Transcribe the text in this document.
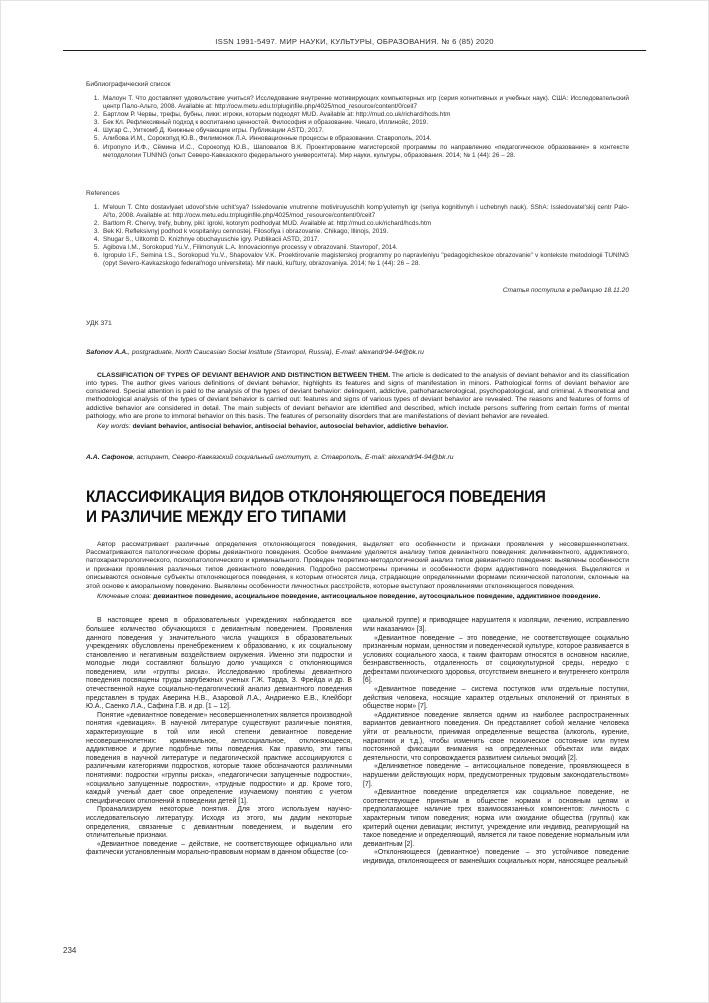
ISSN 1991-5497. МИР НАУКИ, КУЛЬТУРЫ, ОБРАЗОВАНИЯ. № 6 (85) 2020
Библиографический список
1. Малоун Т. Что доставляет удовольствие учиться? Исследование внутренне мотивирующих компьютерных игр (серия когнитивных и учебных наук). США: Исследовательский центр Пало-Альто, 2008. Available at: http://ocw.metu.edu.tr/pluginfile.php/4025/mod_resource/content/0/ceit7
2. Бартлом Р. Червы, трефы, бубны, лики: игроки, которым подходят MUD. Available at: http://mud.co.uk/richard/hcds.htm
3. Бек Кл. Рефлексивный подход к воспитанию ценностей. Философия и образование. Чикаго, Иллинойс, 2019.
4. Шугар С., Уиткомб Д. Книжные обучающие игры. Публикации ASTD, 2017.
5. Алибова И.М., Сорокопуд Ю.В., Филимонюк Л.А. Инновационные процессы в образовании. Ставрополь, 2014.
6. Игропуло И.Ф., Сёмина И.С., Сорокопуд Ю.В., Шаповалов В.К. Проектирование магистерской программы по направлению «педагогическое образование» в контексте методологии TUNING (опыт Северо-Кавказского федерального университета). Мир науки, культуры, образования. 2014; № 1 (44): 26 – 28.
References
1. M'eloun T. Chto dostavlyaet udovol'stvie uchit'sya? Issledovanie vnutrenne motiviruyuschih komp'yuternyh igr (seriya kognitivnyh i uchebnyh nauk). SShA: Issledovatel'skij centr Palo-Al'to, 2008. Available at: http://ocw.metu.edu.tr/pluginfile.php/4025/mod_resource/content/0/ceit7
2. Bartlom R. Chervy, trefy, bubny, piki: igroki, kotorym podhodyat MUD. Available at: http://mud.co.uk/richard/hcds.htm
3. Bek Kl. Refleksivnyj podhod k vospitaniyu cennostej. Filosofiya i obrazovanie. Chikago, Illinojs, 2019.
4. Shugar S., Uitkomb D. Knizhnye obuchayuschie igry. Publikacii ASTD, 2017.
5. Agibova I.M., Sorokopud Yu.V., Filimonyuk L.A. Innovacionnye processy v obrazovanii. Stavropol', 2014.
6. Igropulo I.F., Semina I.S., Sorokopud Yu.V., Shapovalov V.K. Proektirovanie magisterskoj programmy po napravleniyu "pedagogicheskoe obrazovanie" v kontekste metodologii TUNING (opyt Severo-Kavkazskogo federal'nogo universiteta). Mir nauki, kul'tury, obrazovaniya. 2014; № 1 (44): 26 – 28.
Статья поступила в редакцию 18.11.20
УДК 371

Safonov A.A., postgraduate, North Caucasian Social Institute (Stavropol, Russia), E-mail: alexandr94-94@bk.ru

CLASSIFICATION OF TYPES OF DEVIANT BEHAVIOR AND DISTINCTION BETWEEN THEM. The article is dedicated to the analysis of deviant behavior and its classification into types. The author gives various definitions of deviant behavior, highlights its features and signs of manifestation in minors. Pathological forms of deviant behavior are considered. Special attention is paid to the analysis of the types of deviant behavior: delinquent, addictive, pathoharacterological, psychopatological, and criminal. A theoretical and methodological analysis of the types of deviant behavior is carried out: features and signs of various types of deviant behavior are revealed. The reasons and features of forms of addictive behavior are considered in detail. The main subjects of deviant behavior are identified and described, which include persons suffering from certain forms of mental pathology, who are prone to immoral behavior on this basis. The features of personality disorders that are manifestations of deviant behavior are revealed.

Key words: deviant behavior, antisocial behavior, antisocial behavior, autosocial behavior, addictive behavior.

А.А. Сафонов, аспирант, Северо-Кавказский социальный институт, г. Ставрополь, E-mail: alexandr94-94@bk.ru

КЛАССИФИКАЦИЯ ВИДОВ ОТКЛОНЯЮЩЕГОСЯ ПОВЕДЕНИЯ
И РАЗЛИЧИЕ МЕЖДУ ЕГО ТИПАМИ

Автор рассматривает различные определения отклоняющегося поведения, выделяет его особенности и признаки проявления у несовершеннолетних. Рассматриваются патологические формы девиантного поведения. Особое внимание уделяется анализу типов девиантного поведения: делинквентного, аддиктивного, патохарактерологического, психопатологического и криминального. Проведен теоретико-методологический анализ типов девиантного поведения: выявлены особенности и признаки проявления различных типов девиантного поведения. Подробно рассмотрены причины и особенности форм аддиктивного поведения. Выделяются и описываются основные субъекты отклоняющегося поведения, к которым относятся лица, страдающие определенными формами психической патологии, склонные на этой основе к аморальному поведению. Выявлены особенности личностных расстройств, которые выступают проявлениями отклоняющегося поведения.

Ключевые слова: девиантное поведение, асоциальное поведение, антисоциальное поведение, аутосоциальное поведение, аддиктивное поведение.

В настоящее время в образовательных учреждениях наблюдается все большее количество обучающихся с девиантным поведением. Проявления данного поведения у значительного числа учащихся в образовательных учреждениях обусловлены пренебрежением к образованию, к их социальному становлению и негативным воздействием окружения. Именно эти подростки и молодые люди составляют большую долю учащихся с отклоняющимся поведением, или «группы риска». Исследованию проблемы девиантного поведения посвящены труды зарубежных ученых Г.Ж. Тарда, З. Фрейда и др. В отечественной науке социально-педагогический анализ девиантного поведения представлен в трудах Аверина Н.В., Азаровой Л.А., Андриенко Е.В., Клейборг Ю.А., Саенко Л.А., Сафина Г.В. и др. [1 – 12].

Понятие «девиантное поведение» несовершеннолетних является производной понятия «девиация». В научной литературе существуют различные понятия, характеризующие в той или иной степени девиантное поведение несовершеннолетних: криминальное, антисоциальное, отклоняющееся, аддиктивное и другие подобные типы поведения. Как правило, эти типы поведения в научной литературе и педагогической практике ассоциируются с различными категориями подростков, которые также обозначаются различными понятиями: подростки «группы риска», «педагогически запущенные подростки», «социально запущенные подростки», «трудные подростки» и др. Кроме того, каждый ученый дает свое определение изучаемому понятию с учетом специфических отклонений в поведении детей [1].

Проанализируем некоторые понятия. Для этого используем научно-исследовательскую литературу. Исходя из этого, мы дадим некоторые определения, связанные с девиантным поведением, и выделим его отличительные признаки.

«Девиантное поведение – действие, не соответствующее официально или фактически установленным морально-правовым нормам в данном обществе (со-

циальной группе) и приводящее нарушителя к изоляции, лечению, исправлению или наказанию» [3].

«Девиантное поведение – это поведение, не соответствующее социально признанным нормам, ценностям и поведенческой культуре, которое развивается в условиях социального хаоса, к таким факторам относятся в основном насилие, безнравственность, отдаленность от социокультурной среды, нередко с дефектами психического здоровья, отсутствием внешнего и внутреннего контроля [6].

«Девиантное поведение – система поступков или отдельные поступки, действия человека, носящие характер отдельных отклонений от принятых в обществе норм» [7].

«Аддиктивное поведение является одним из наиболее распространенных вариантов девиантного поведения. Он представляет собой желание человека уйти от реальности, принимая определенные вещества (алкоголь, курение, наркотики и т.д.), чтобы изменить свое психическое состояние или путем постоянной фиксации внимания на определенных объектах или видах деятельности, что сопровождается развитием сильных эмоций [2].

«Делинкветное поведение – антисоциальное поведение, проявляющееся в нарушении действующих норм, предусмотренных трудовым законодательством» [7].

«Девиантное поведение определяется как социальное поведение, не соответствующее принятым в обществе нормам и основным целям и предполагающее наличие трех взаимосвязанных компонентов: личность с характерным типом поведения; норма или ожидание общества (группы) как критерий оценки девиации; институт, учреждение или индивид, реагирующий на такое поведение и определяющий, является ли такое поведение нормальным или девиантным [2].

«Отклоняющееся (девиантное) поведение – это устойчивое поведение индивида, отклоняющееся от важнейших социальных норм, наносящее реальный

234
